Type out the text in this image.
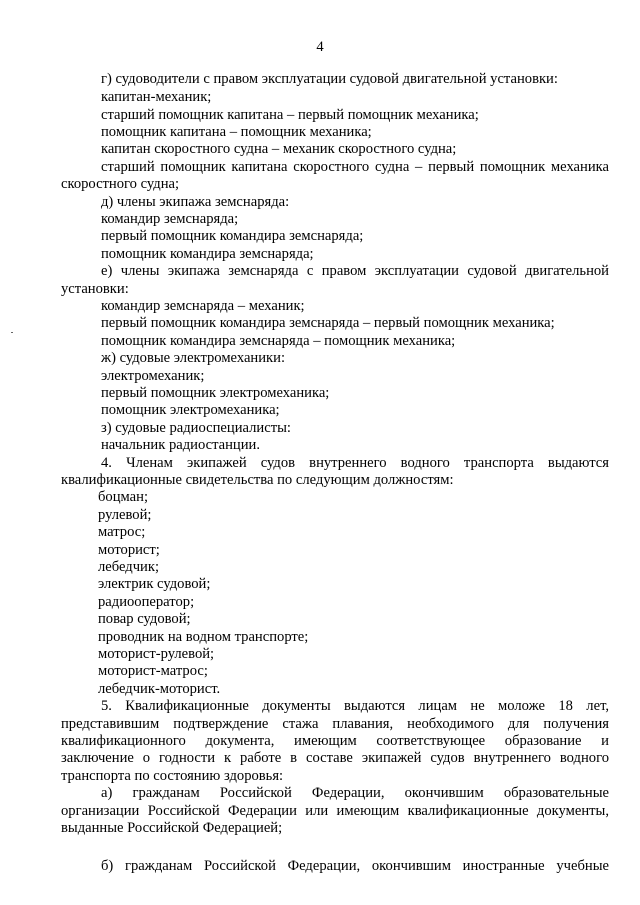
4
г) судоводители с правом эксплуатации судовой двигательной установки:
капитан-механик;
старший помощник капитана – первый помощник механика;
помощник капитана – помощник механика;
капитан скоростного судна – механик скоростного судна;
старший помощник капитана скоростного судна – первый помощник механика
скоростного судна;
д) члены экипажа земснаряда:
командир земснаряда;
первый помощник командира земснаряда;
помощник командира земснаряда;
е) члены экипажа земснаряда с правом эксплуатации судовой двигательной
установки:
командир земснаряда – механик;
первый помощник командира земснаряда – первый помощник механика;
помощник командира земснаряда – помощник механика;
ж) судовые электромеханики:
электромеханик;
первый помощник электромеханика;
помощник электромеханика;
з) судовые радиоспециалисты:
начальник радиостанции.
4. Членам экипажей судов внутреннего водного транспорта выдаются
квалификационные свидетельства по следующим должностям:
боцман;
рулевой;
матрос;
моторист;
лебедчик;
электрик судовой;
радиооператор;
повар судовой;
проводник на водном транспорте;
моторист-рулевой;
моторист-матрос;
лебедчик-моторист.
5. Квалификационные документы выдаются лицам не моложе 18 лет,
представившим подтверждение стажа плавания, необходимого для получения
квалификационного документа, имеющим соответствующее образование и
заключение о годности к работе в составе экипажей судов внутреннего водного
транспорта по состоянию здоровья:
а) гражданам Российской Федерации, окончившим образовательные
организации Российской Федерации или имеющим квалификационные документы,
выданные Российской Федерацией;
б) гражданам Российской Федерации, окончившим иностранные учебные
